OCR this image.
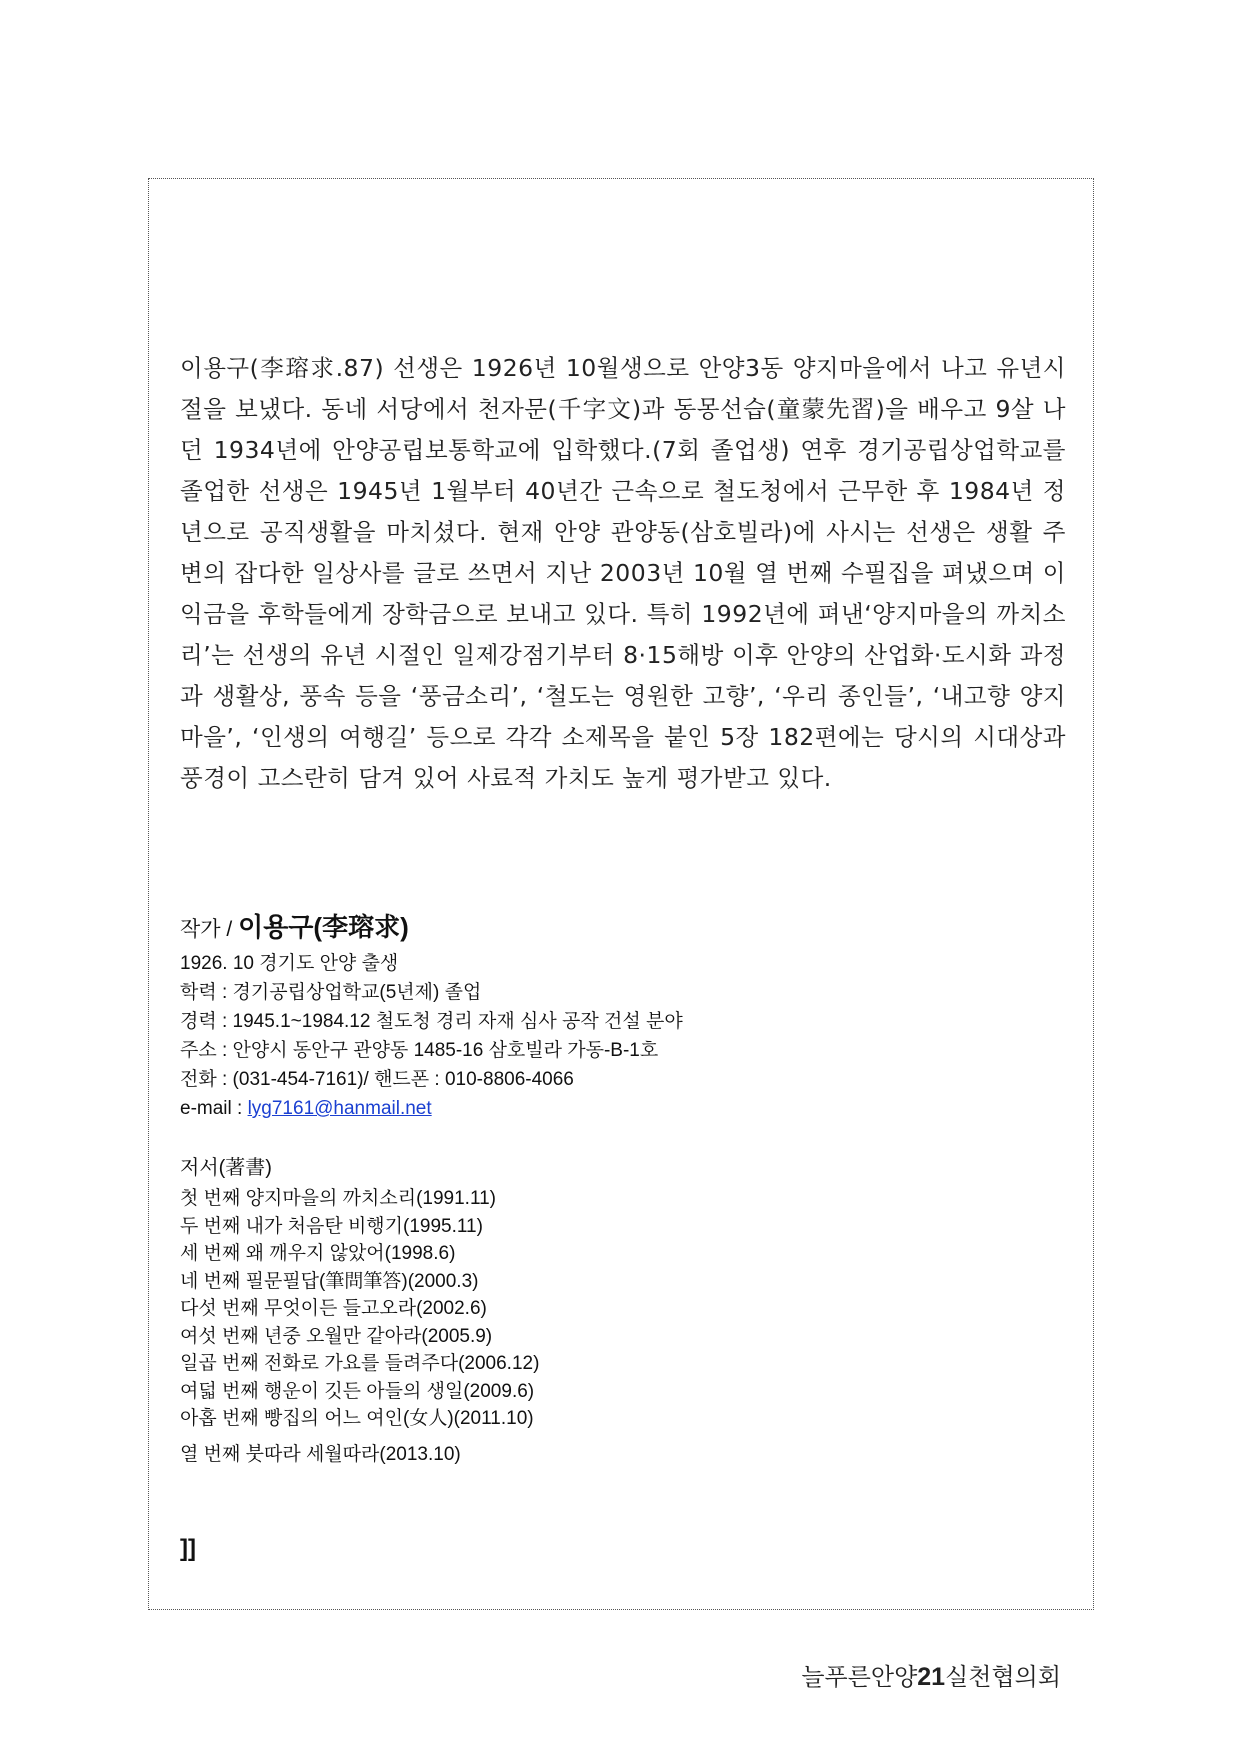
이용구(李瑢求.87) 선생은 1926년 10월생으로 안양3동 양지마을에서 나고 유년시절을 보냈다. 동네 서당에서 천자문(千字文)과 동몽선습(童蒙先習)을 배우고 9살 나던 1934년에 안양공립보통학교에 입학했다.(7회 졸업생) 연후 경기공립상업학교를 졸업한 선생은 1945년 1월부터 40년간 근속으로 철도청에서 근무한 후 1984년 정년으로 공직생활을 마치셨다. 현재 안양 관양동(삼호빌라)에 사시는 선생은 생활 주변의 잡다한 일상사를 글로 쓰면서 지난 2003년 10월 열 번째 수필집을 펴냈으며 이익금을 후학들에게 장학금으로 보내고 있다. 특히 1992년에 펴낸‘양지마을의 까치소리’는 선생의 유년 시절인 일제강점기부터 8·15해방 이후 안양의 산업화·도시화 과정과 생활상, 풍속 등을 ‘풍금소리’, ‘철도는 영원한 고향’, ‘우리 종인들’, ‘내고향 양지마을’, ‘인생의 여행길’ 등으로 각각 소제목을 붙인 5장 182편에는 당시의 시대상과 풍경이 고스란히 담겨 있어 사료적 가치도 높게 평가받고 있다.

작가 / 이용구(李瑢求)

1926. 10 경기도 안양 출생

학력 : 경기공립상업학교(5년제) 졸업

경력 : 1945.1~1984.12 철도청 경리 자재 심사 공작 건설 분야

주소 : 안양시 동안구 관양동 1485-16 삼호빌라 가동-B-1호

전화 : (031-454-7161)/ 핸드폰 : 010-8806-4066

e-mail : lyg7161@hanmail.net

저서(著書)

첫 번째 양지마을의 까치소리(1991.11)
두 번째 내가 처음탄 비행기(1995.11)
세 번째 왜 깨우지 않았어(1998.6)
네 번째 필문필답(筆問筆答)(2000.3)
다섯 번째 무엇이든 들고오라(2002.6)
여섯 번째 년중 오월만 같아라(2005.9)
일곱 번째 전화로 가요를 들려주다(2006.12)
여덟 번째 행운이 깃든 아들의 생일(2009.6)
아홉 번째 빵집의 어느 여인(女人)(2011.10)
열 번째 붓따라 세월따라(2013.10)
]]
늘푸른안양21실천협의회
